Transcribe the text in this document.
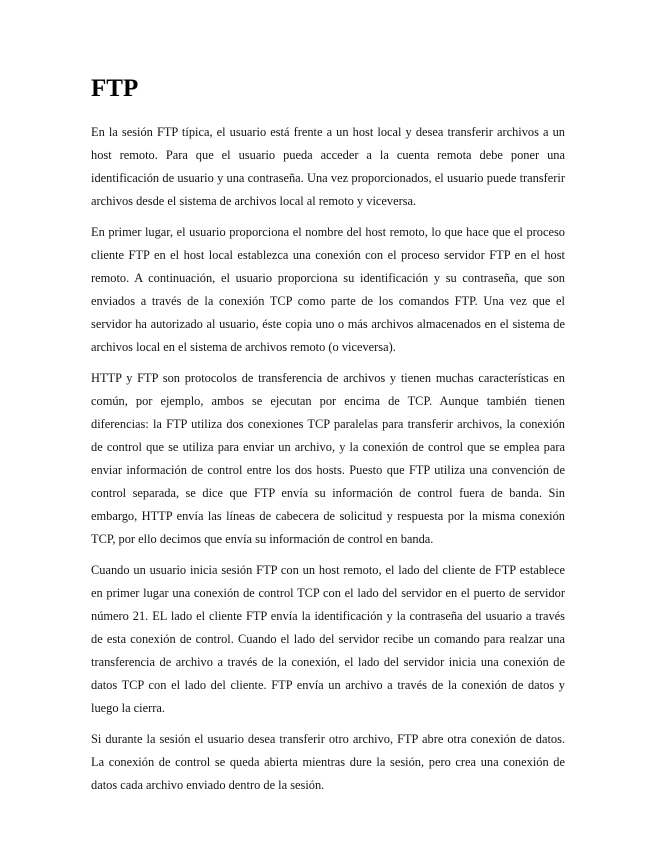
FTP

En la sesión FTP típica, el usuario está frente a un host local y desea transferir archivos a un host remoto. Para que el usuario pueda acceder a la cuenta remota debe poner una identificación de usuario y una contraseña. Una vez proporcionados, el usuario puede transferir archivos desde el sistema de archivos local al remoto y viceversa.

En primer lugar, el usuario proporciona el nombre del host remoto, lo que hace que el proceso cliente FTP en el host local establezca una conexión con el proceso servidor FTP en el host remoto. A continuación, el usuario proporciona su identificación y su contraseña, que son enviados a través de la conexión TCP como parte de los comandos FTP. Una vez que el servidor ha autorizado al usuario, éste copia uno o más archivos almacenados en el sistema de archivos local en el sistema de archivos remoto (o viceversa).

HTTP y FTP son protocolos de transferencia de archivos y tienen muchas características en común, por ejemplo, ambos se ejecutan por encima de TCP. Aunque también tienen diferencias: la FTP utiliza dos conexiones TCP paralelas para transferir archivos, la conexión de control que se utiliza para enviar un archivo, y la conexión de control que se emplea para enviar información de control entre los dos hosts. Puesto que FTP utiliza una convención de control separada, se dice que FTP envía su información de control fuera de banda. Sin embargo, HTTP envía las líneas de cabecera de solicitud y respuesta por la misma conexión TCP, por ello decimos que envía su información de control en banda.

Cuando un usuario inicia sesión FTP con un host remoto, el lado del cliente de FTP establece en primer lugar una conexión de control TCP con el lado del servidor en el puerto de servidor número 21. EL lado el cliente FTP envía la identificación y la contraseña del usuario a través de esta conexión de control. Cuando el lado del servidor recibe un comando para realzar una transferencia de archivo a través de la conexión, el lado del servidor inicia una conexión de datos TCP con el lado del cliente. FTP envía un archivo a través de la conexión de datos y luego la cierra.

Si durante la sesión el usuario desea transferir otro archivo, FTP abre otra conexión de datos. La conexión de control se queda abierta mientras dure la sesión, pero crea una conexión de datos cada archivo enviado dentro de la sesión.
